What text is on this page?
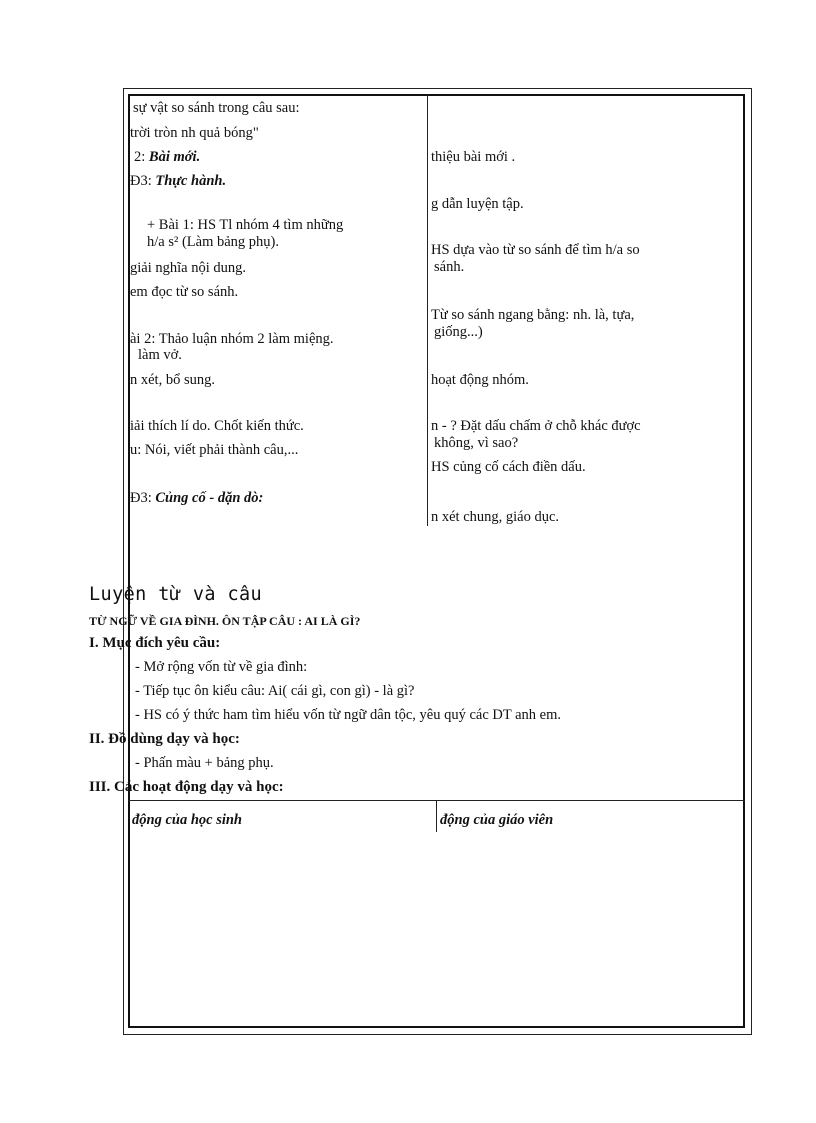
sự vật so sánh trong câu sau:
trời tròn nh quả bóng"
2: Bài mới.
Đ3: Thực hành.
+ Bài 1: HS Tl nhóm 4 tìm những
h/a s² (Làm bảng phụ).
giải nghĩa nội dung.
em đọc từ so sánh.
ài 2: Thảo luận nhóm 2 làm miệng.
làm vở.
n xét, bổ sung.
iải thích lí do. Chốt kiến thức.
u: Nói, viết phải thành câu,...
Đ3: Củng cố - dặn dò:
thiệu bài mới .
g dẫn luyện tập.
HS dựa vào từ so sánh để tìm h/a so
sánh.
Từ so sánh ngang bằng: nh. là, tựa,
giống...)
hoạt động nhóm.
n - ? Đặt dấu chấm ở chỗ khác được
không, vì sao?
HS củng cố cách điền dấu.
n xét chung, giáo dục.
Luyện từ và câu
TỪ NGỮ VỀ GIA ĐÌNH. ÔN TẬP CÂU : AI LÀ GÌ?
I. Mục đích yêu cầu:
- Mở rộng vốn từ về gia đình:
- Tiếp tục ôn kiểu câu: Ai( cái gì, con gì) - là gì?
- HS có ý thức ham tìm hiểu vốn từ ngữ dân tộc, yêu quý các DT anh em.
II. Đồ dùng dạy và học:
- Phấn màu + bảng phụ.
III. Các hoạt động dạy và học:
động của học sinh	động của giáo viên
